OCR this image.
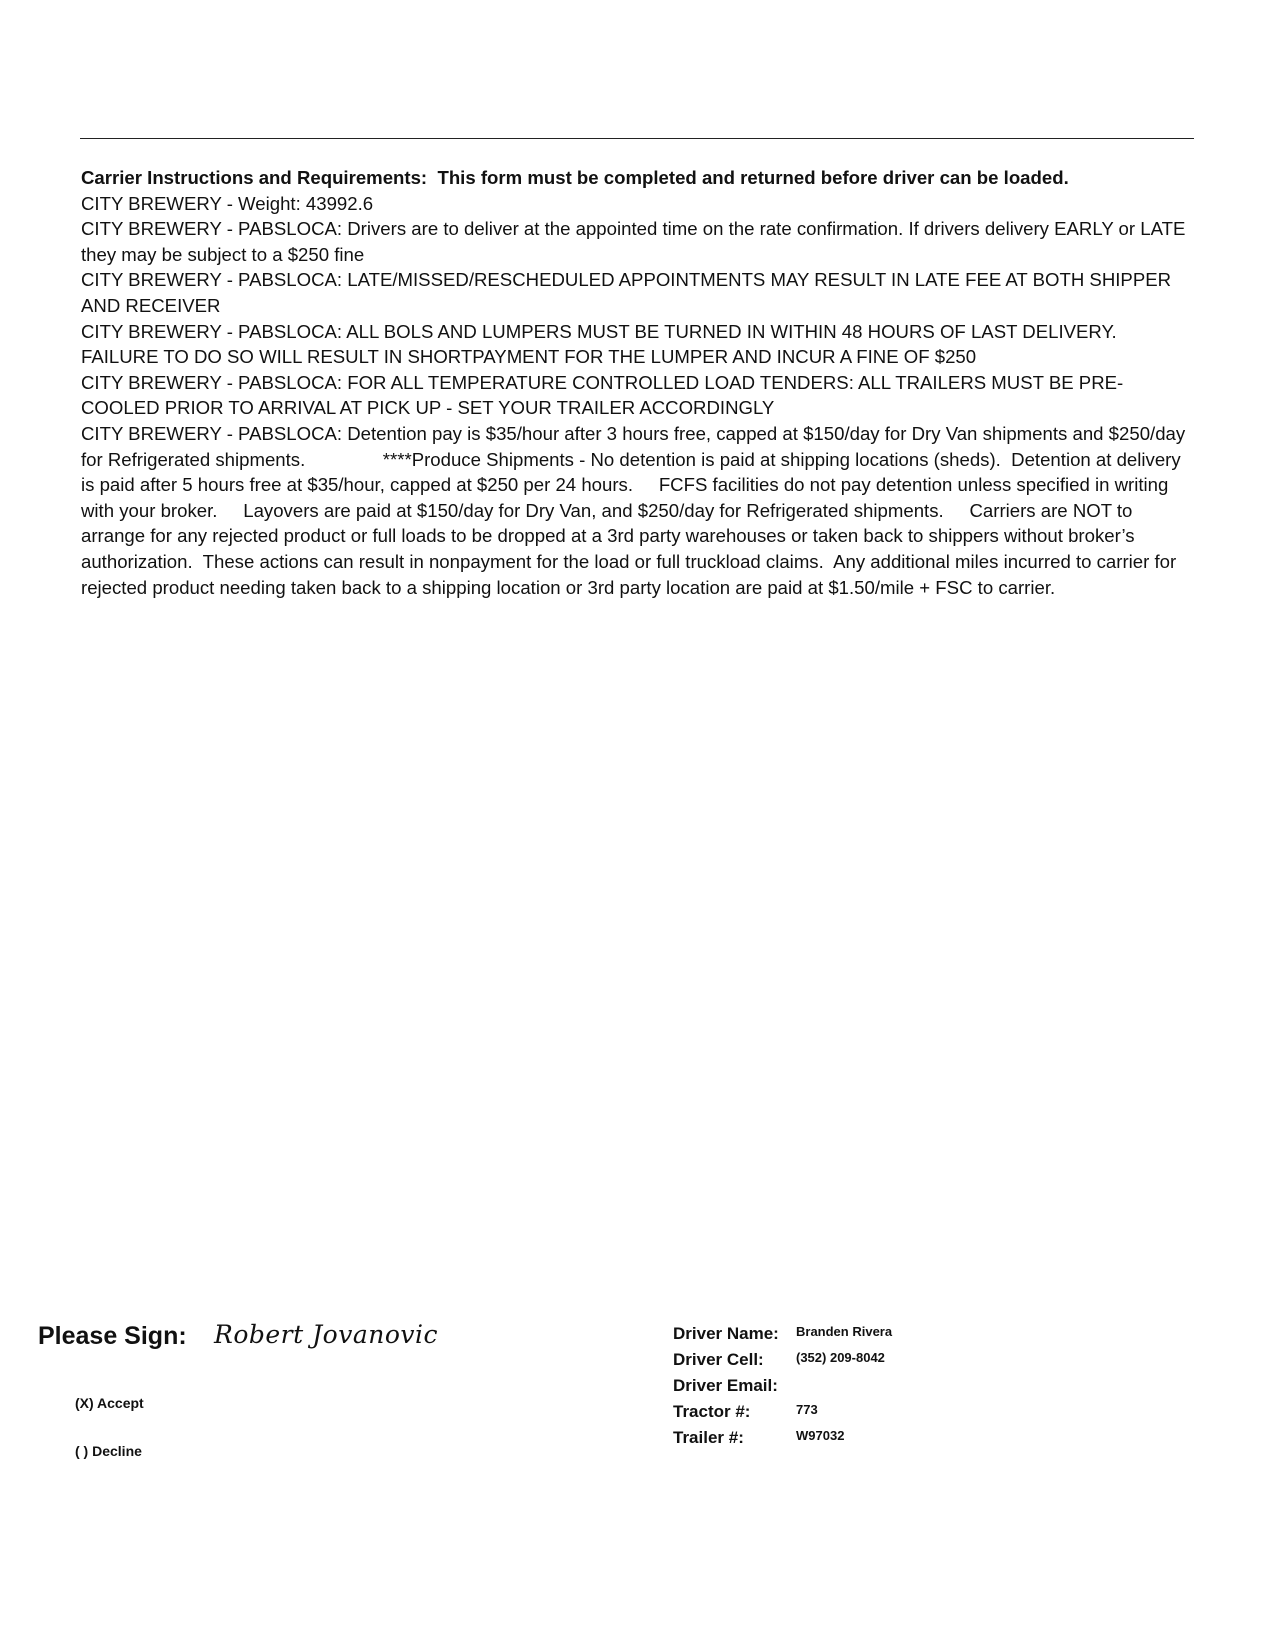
Carrier Instructions and Requirements:  This form must be completed and returned before driver can be loaded.

CITY BREWERY - Weight: 43992.6

CITY BREWERY - PABSLOCA: Drivers are to deliver at the appointed time on the rate confirmation. If drivers delivery EARLY or LATE they may be subject to a $250 fine

CITY BREWERY - PABSLOCA: LATE/MISSED/RESCHEDULED APPOINTMENTS MAY RESULT IN LATE FEE AT BOTH SHIPPER AND RECEIVER

CITY BREWERY - PABSLOCA: ALL BOLS AND LUMPERS MUST BE TURNED IN WITHIN 48 HOURS OF LAST DELIVERY. FAILURE TO DO SO WILL RESULT IN SHORTPAYMENT FOR THE LUMPER AND INCUR A FINE OF $250

CITY BREWERY - PABSLOCA: FOR ALL TEMPERATURE CONTROLLED LOAD TENDERS: ALL TRAILERS MUST BE PRE-COOLED PRIOR TO ARRIVAL AT PICK UP - SET YOUR TRAILER ACCORDINGLY

CITY BREWERY - PABSLOCA: Detention pay is $35/hour after 3 hours free, capped at $150/day for Dry Van shipments and $250/day for Refrigerated shipments.               ****Produce Shipments - No detention is paid at shipping locations (sheds).  Detention at delivery is paid after 5 hours free at $35/hour, capped at $250 per 24 hours.     FCFS facilities do not pay detention unless specified in writing with your broker.     Layovers are paid at $150/day for Dry Van, and $250/day for Refrigerated shipments.     Carriers are NOT to arrange for any rejected product or full loads to be dropped at a 3rd party warehouses or taken back to shippers without broker’s authorization.  These actions can result in nonpayment for the load or full truckload claims.  Any additional miles incurred to carrier for rejected product needing taken back to a shipping location or 3rd party location are paid at $1.50/mile + FSC to carrier.

Please Sign: Robert Jovanovic
(X) Accept
( ) Decline
Driver Name: Branden Rivera
Driver Cell: (352) 209-8042
Driver Email:
Tractor #:	773
Trailer #:	W97032
